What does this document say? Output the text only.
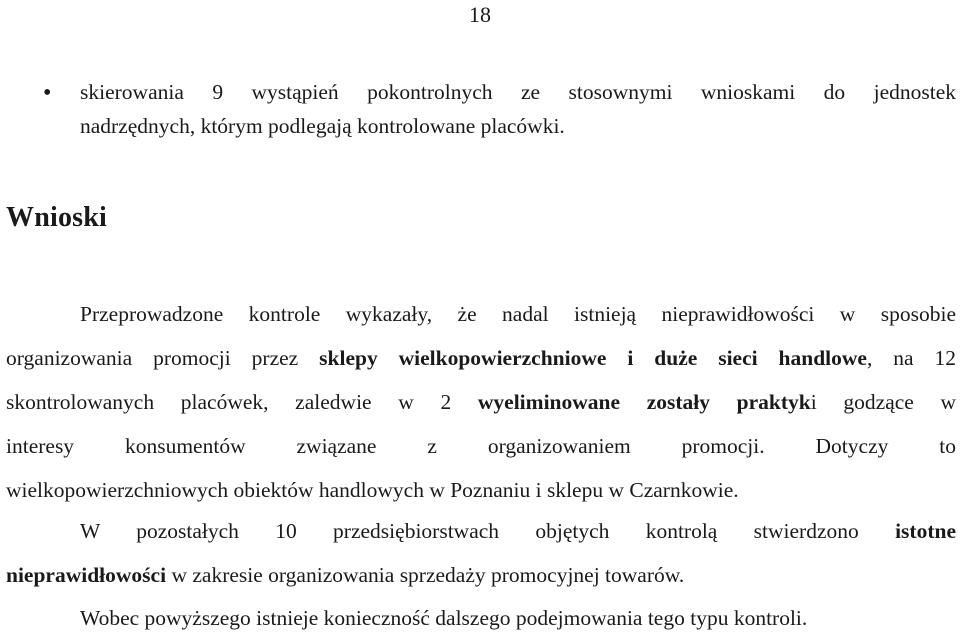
18
• skierowania 9 wystąpień pokontrolnych ze stosownymi wnioskami do jednostek
nadrzędnych, którym podlegają kontrolowane placówki.
Wnioski
Przeprowadzone kontrole wykazały, że nadal istnieją nieprawidłowości w sposobie
organizowania promocji przez sklepy wielkopowierzchniowe i duże sieci handlowe, na 12
skontrolowanych placówek, zaledwie w 2 wyeliminowane zostały praktyki godzące w
interesy konsumentów związane z organizowaniem promocji. Dotyczy to
wielkopowierzchniowych obiektów handlowych w Poznaniu i sklepu w Czarnkowie.
W pozostałych 10 przedsiębiorstwach objętych kontrolą stwierdzono istotne
nieprawidłowości w zakresie organizowania sprzedaży promocyjnej towarów.
Wobec powyższego istnieje konieczność dalszego podejmowania tego typu kontroli.
